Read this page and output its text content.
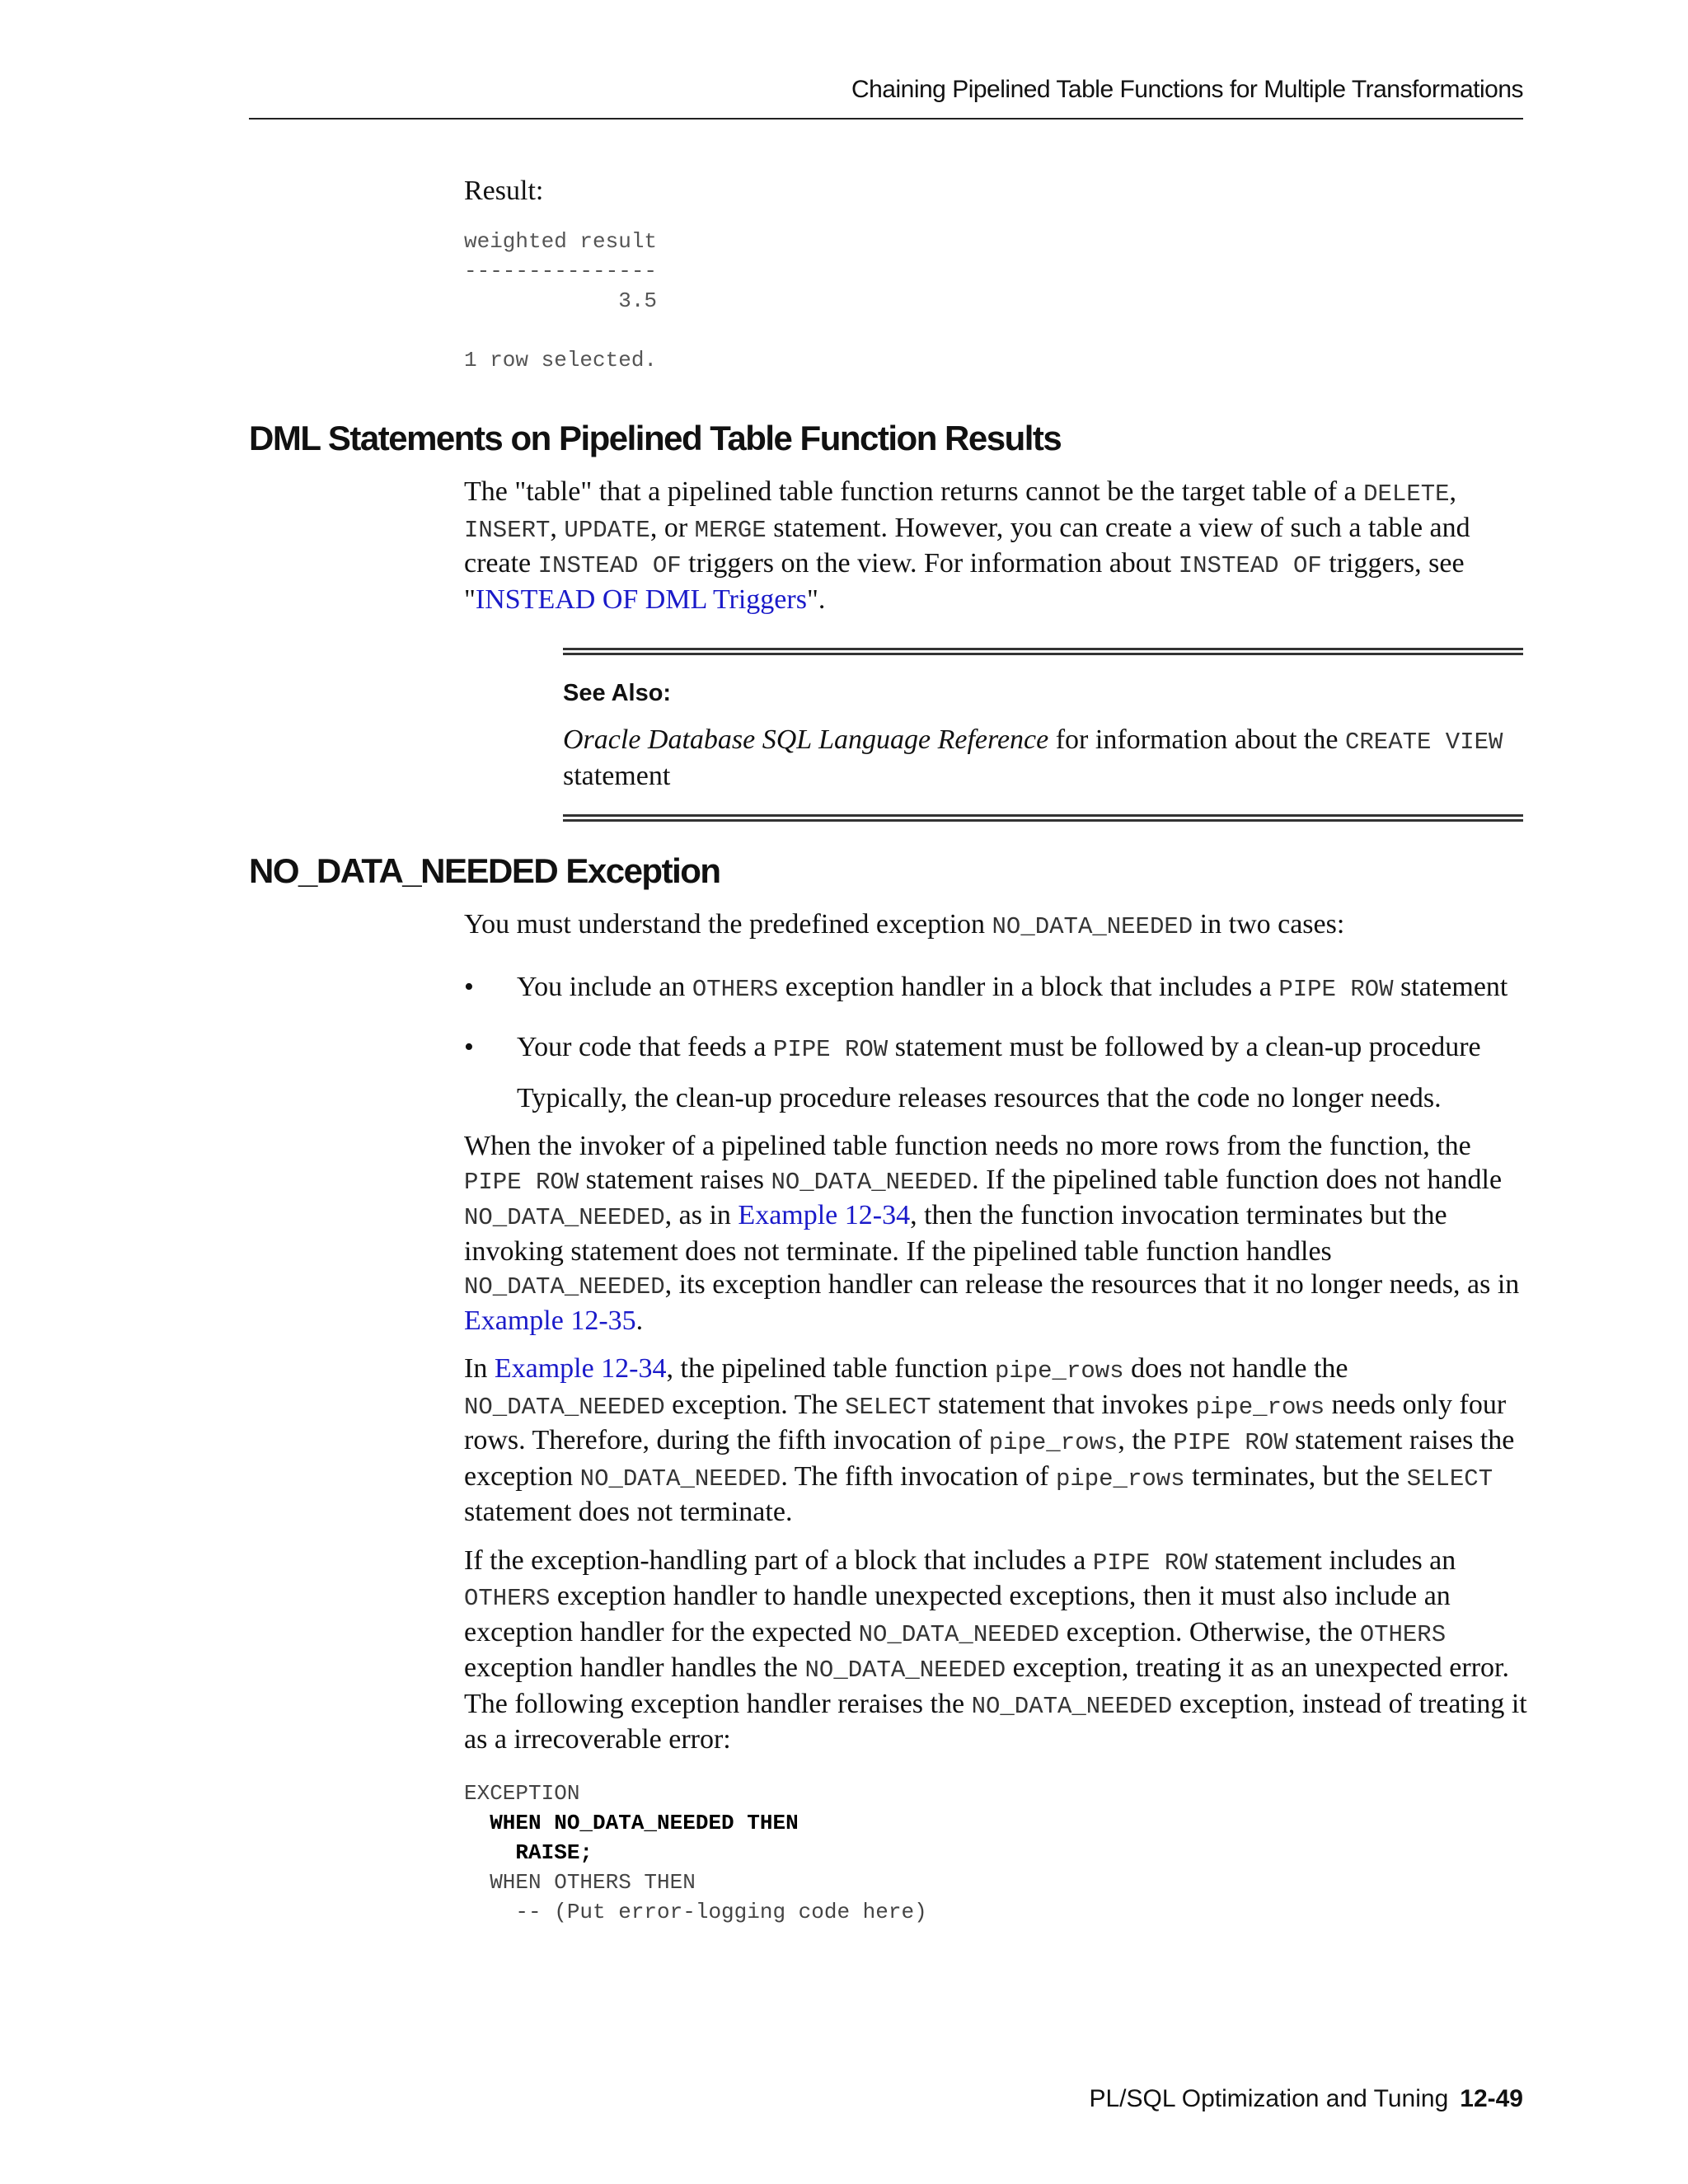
Chaining Pipelined Table Functions for Multiple Transformations

Result:

weighted result
---------------
3.5

1 row selected.
DML Statements on Pipelined Table Function Results

The "table" that a pipelined table function returns cannot be the target table of a DELETE, INSERT, UPDATE, or MERGE statement. However, you can create a view of such a table and create INSTEAD OF triggers on the view. For information about INSTEAD OF triggers, see "INSTEAD OF DML Triggers".

See Also:

Oracle Database SQL Language Reference for information about the CREATE VIEW statement

NO_DATA_NEEDED Exception

You must understand the predefined exception NO_DATA_NEEDED in two cases:

• You include an OTHERS exception handler in a block that includes a PIPE ROW statement

• Your code that feeds a PIPE ROW statement must be followed by a clean-up procedure

Typically, the clean-up procedure releases resources that the code no longer needs.

When the invoker of a pipelined table function needs no more rows from the function, the PIPE ROW statement raises NO_DATA_NEEDED. If the pipelined table function does not handle NO_DATA_NEEDED, as in Example 12-34, then the function invocation terminates but the invoking statement does not terminate. If the pipelined table function handles NO_DATA_NEEDED, its exception handler can release the resources that it no longer needs, as in Example 12-35.

In Example 12-34, the pipelined table function pipe_rows does not handle the NO_DATA_NEEDED exception. The SELECT statement that invokes pipe_rows needs only four rows. Therefore, during the fifth invocation of pipe_rows, the PIPE ROW statement raises the exception NO_DATA_NEEDED. The fifth invocation of pipe_rows terminates, but the SELECT statement does not terminate.

If the exception-handling part of a block that includes a PIPE ROW statement includes an OTHERS exception handler to handle unexpected exceptions, then it must also include an exception handler for the expected NO_DATA_NEEDED exception. Otherwise, the OTHERS exception handler handles the NO_DATA_NEEDED exception, treating it as an unexpected error. The following exception handler reraises the NO_DATA_NEEDED exception, instead of treating it as a irrecoverable error:

EXCEPTION
WHEN NO_DATA_NEEDED THEN
RAISE;
WHEN OTHERS THEN
-- (Put error-logging code here)
PL/SQL Optimization and Tuning 12-49
